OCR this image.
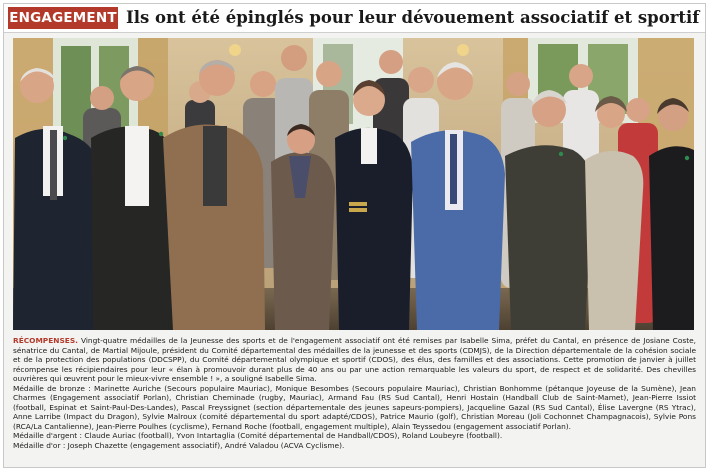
ENGAGEMENT Ils ont été épinglés pour leur dévouement associatif et sportif

RÉCOMPENSES. Vingt-quatre médailles de la Jeunesse des sports et de l'engagement associatif ont été remises par Isabelle Sima, préfet du Cantal, en présence de Josiane Coste, sénatrice du Cantal, de Martial Mijoule, président du Comité départemental des médailles de la jeunesse et des sports (CDMJS), de la Direction départementale de la cohésion sociale et de la protection des populations (DDCSPP), du Comité départemental olympique et sportif (CDOS), des élus, des familles et des associations. Cette promotion de janvier à juillet récompense les récipiendaires pour leur « élan à promouvoir durant plus de 40 ans ou par une action remarquable les valeurs du sport, de respect et de solidarité. Des chevilles ouvrières qui œuvrent pour le mieux-vivre ensemble ! », a souligné Isabelle Sima.

Médaille de bronze : Marinette Auriche (Secours populaire Mauriac), Monique Besombes (Secours populaire Mauriac), Christian Bonhomme (pétanque Joyeuse de la Sumène), Jean Charmes (Engagement associatif Porlan), Christian Cheminade (rugby, Mauriac), Armand Fau (RS Sud Cantal), Henri Hostain (Handball Club de Saint-Mamet), Jean-Pierre Issiot (football, Espinat et Saint-Paul-Des-Landes), Pascal Freyssignet (section départementale des jeunes sapeurs-pompiers), Jacqueline Gazal (RS Sud Cantal), Élise Lavergne (RS Ytrac), Anne Larribe (Impact du Dragon), Sylvie Malroux (comité départemental du sport adapté/CDOS), Patrice Maurio (golf), Christian Moreau (Joli Cochonnet Champagnacois), Sylvie Pons (RCA/La Cantalienne), Jean-Pierre Poulhes (cyclisme), Fernand Roche (football, engagement multiple), Alain Teyssedou (engagement associatif Porlan).

Médaille d'argent : Claude Auriac (football), Yvon Intartaglia (Comité départemental de Handball/CDOS), Roland Loubeyre (football).

Médaille d'or : Joseph Chazette (engagement associatif), André Valadou (ACVA Cyclisme).
